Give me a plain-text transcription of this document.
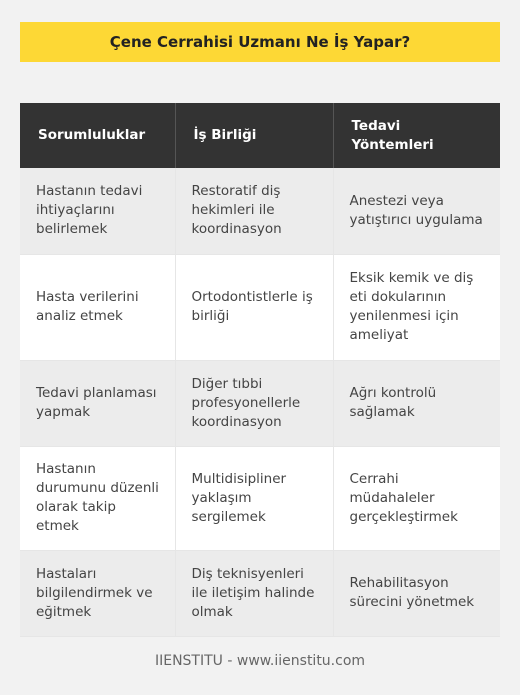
Çene Cerrahisi Uzmanı Ne İş Yapar?
Sorumluluklar	İş Birliği	Tedavi Yöntemleri
Hastanın tedavi ihtiyaçlarını belirlemek	Restoratif diş hekimleri ile koordinasyon	Anestezi veya yatıştırıcı uygulama
Hasta verilerini analiz etmek	Ortodontistlerle iş birliği	Eksik kemik ve diş eti dokularının yenilenmesi için ameliyat
Tedavi planlaması yapmak	Diğer tıbbi profesyonellerle koordinasyon	Ağrı kontrolü sağlamak
Hastanın durumunu düzenli olarak takip etmek	Multidisipliner yaklaşım sergilemek	Cerrahi müdahaleler gerçekleştirmek
Hastaları bilgilendirmek ve eğitmek	Diş teknisyenleri ile iletişim halinde olmak	Rehabilitasyon sürecini yönetmek
IIENSTITU - www.iienstitu.com
